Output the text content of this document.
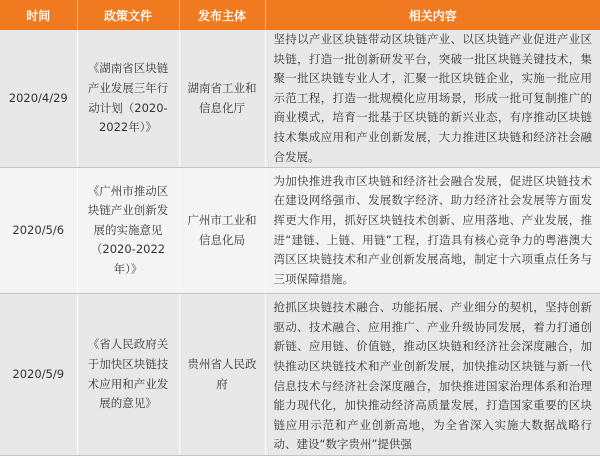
时间	政策文件	发布主体	相关内容
2020/4/29	《湖南省区块链产业发展三年行动计划（2020-2022年）》	湖南省工业和信息化厅	坚持以产业区块链带动区块链产业、以区块链产业促进产业区块链，打造一批创新研发平台，突破一批区块链关键技术，集聚一批区块链专业人才，汇聚一批区块链企业，实施一批应用示范工程，打造一批规模化应用场景，形成一批可复制推广的商业模式，培育一批基于区块链的新兴业态，有序推动区块链技术集成应用和产业创新发展，大力推进区块链和经济社会融合发展。
2020/5/6	《广州市推动区块链产业创新发展的实施意见（2020-2022年）》	广州市工业和信息化局	为加快推进我市区块链和经济社会融合发展，促进区块链技术在建设网络强市、发展数字经济、助力经济社会发展等方面发挥更大作用，抓好区块链技术创新、应用落地、产业发展，推进“建链、上链、用链”工程，打造具有核心竞争力的粤港澳大湾区区块链技术和产业创新发展高地，制定十六项重点任务与三项保障措施。
2020/5/9	《省人民政府关于加快区块链技术应用和产业发展的意见》	贵州省人民政府	抢抓区块链技术融合、功能拓展、产业细分的契机，坚持创新驱动、技术融合、应用推广、产业升级协同发展，着力打通创新链、应用链、价值链，推动区块链和经济社会深度融合，加快推动区块链技术和产业创新发展，加快推动区块链与新一代信息技术与经济社会深度融合，加快推进国家治理体系和治理能力现代化，加快推动经济高质量发展，打造国家重要的区块链应用示范和产业创新高地，为全省深入实施大数据战略行动、建设“数字贵州”提供强
